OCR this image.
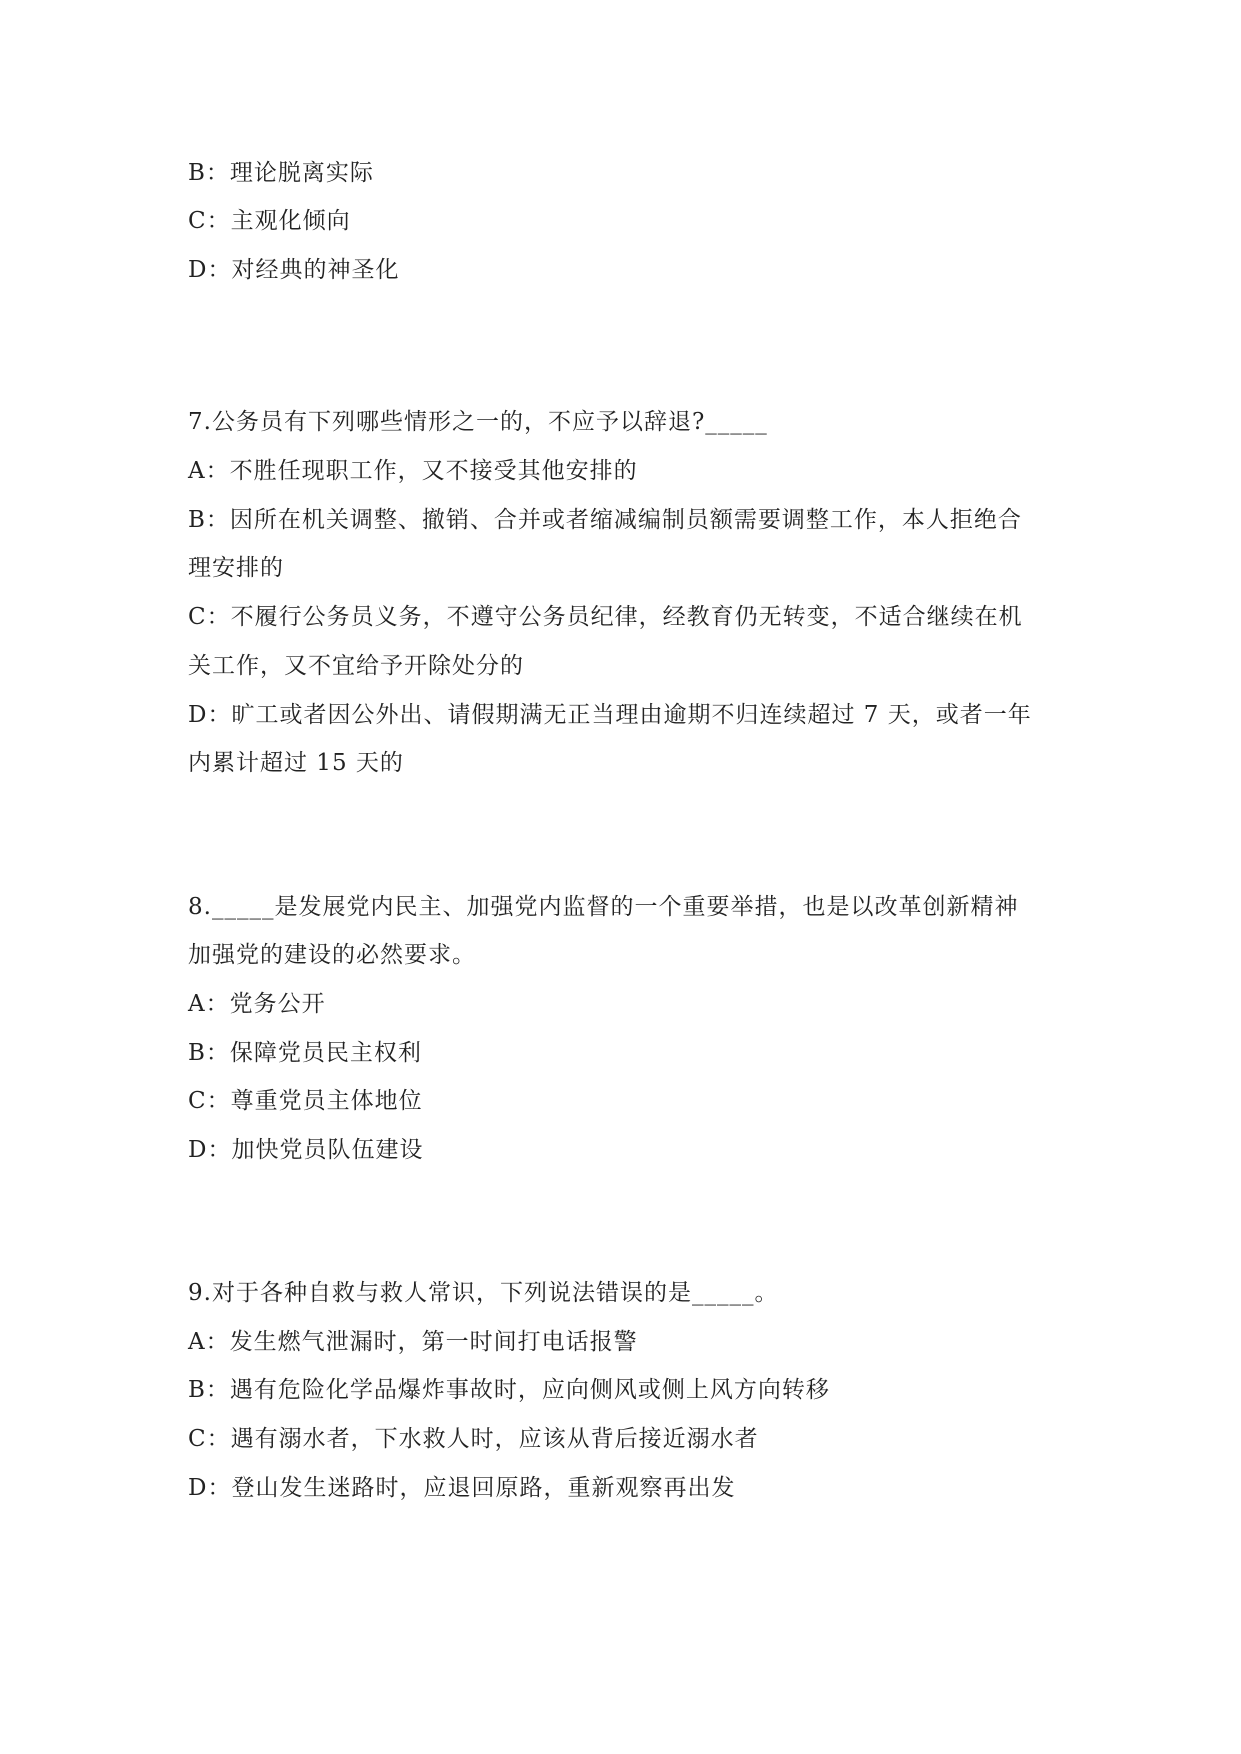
B：理论脱离实际
C：主观化倾向
D：对经典的神圣化
7.公务员有下列哪些情形之一的，不应予以辞退?_____
A：不胜任现职工作，又不接受其他安排的
B：因所在机关调整、撤销、合并或者缩减编制员额需要调整工作，本人拒绝合
理安排的
C：不履行公务员义务，不遵守公务员纪律，经教育仍无转变，不适合继续在机
关工作，又不宜给予开除处分的
D：旷工或者因公外出、请假期满无正当理由逾期不归连续超过 7 天，或者一年
内累计超过 15 天的
8._____是发展党内民主、加强党内监督的一个重要举措，也是以改革创新精神
加强党的建设的必然要求。
A：党务公开
B：保障党员民主权利
C：尊重党员主体地位
D：加快党员队伍建设
9.对于各种自救与救人常识，下列说法错误的是_____。
A：发生燃气泄漏时，第一时间打电话报警
B：遇有危险化学品爆炸事故时，应向侧风或侧上风方向转移
C：遇有溺水者，下水救人时，应该从背后接近溺水者
D：登山发生迷路时，应退回原路，重新观察再出发
